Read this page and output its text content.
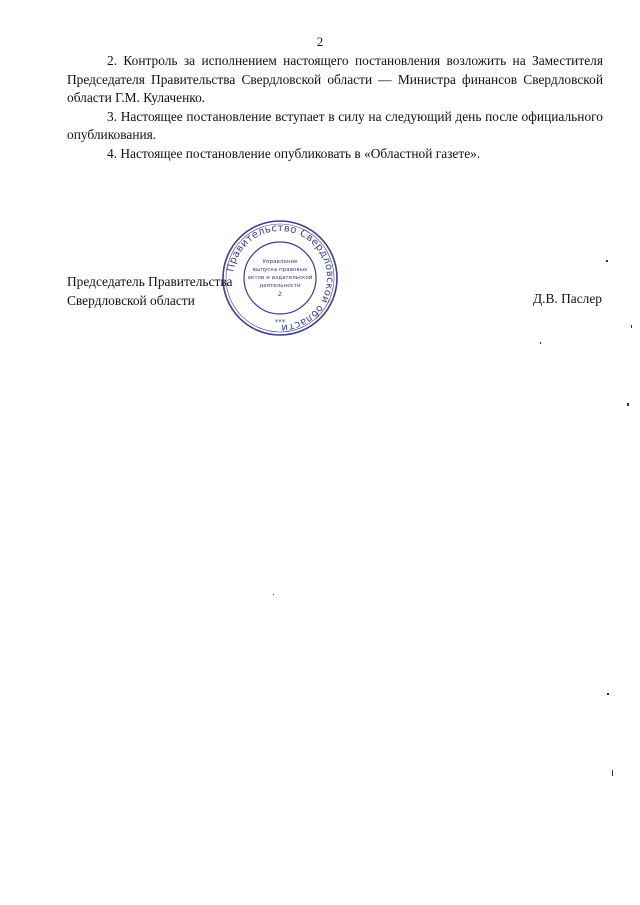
2

2. Контроль за исполнением настоящего постановления возложить на Заместителя Председателя Правительства Свердловской области — Министра финансов Свердловской области Г.М. Кулаченко.

3. Настоящее постановление вступает в силу на следующий день после официального опубликования.

4. Настоящее постановление опубликовать в «Областной газете».

Председатель Правительства
Свердловской области	Д.В. Паслер
Правительство Свердловской области
Управление
выпуска правовых
актов и издательской
деятельности
2
***
